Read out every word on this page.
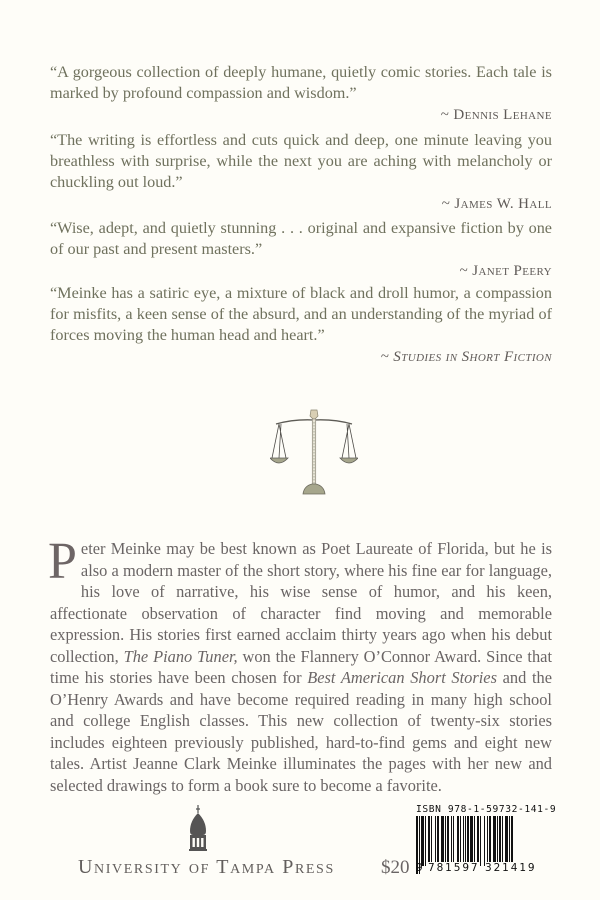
“A gorgeous collection of deeply humane, quietly comic stories. Each tale is marked by profound compassion and wisdom.”

~ Dennis Lehane

“The writing is effortless and cuts quick and deep, one minute leaving you breathless with surprise, while the next you are aching with melancholy or chuckling out loud.”

~ James W. Hall

“Wise, adept, and quietly stunning . . . original and expansive fiction by one of our past and present masters.”

~ Janet Peery

“Meinke has a satiric eye, a mixture of black and droll humor, a compassion for misfits, a keen sense of the absurd, and an understanding of the myriad of forces moving the human head and heart.”

~ Studies in Short Fiction

Peter Meinke may be best known as Poet Laureate of Florida, but he is also a modern master of the short story, where his fine ear for language, his love of narrative, his wise sense of humor, and his keen, affectionate observation of character find moving and memorable expression. His stories first earned acclaim thirty years ago when his debut collection, The Piano Tuner, won the Flannery O’Connor Award. Since that time his stories have been chosen for Best American Short Stories and the O’Henry Awards and have become required reading in many high school and college English classes. This new collection of twenty-six stories includes eighteen previously published, hard-to-find gems and eight new tales. Artist Jeanne Clark Meinke illuminates the pages with her new and selected drawings to form a book sure to become a favorite.

University of Tampa Press $20
ISBN 978-1-59732-141-9
9 781597 321419
